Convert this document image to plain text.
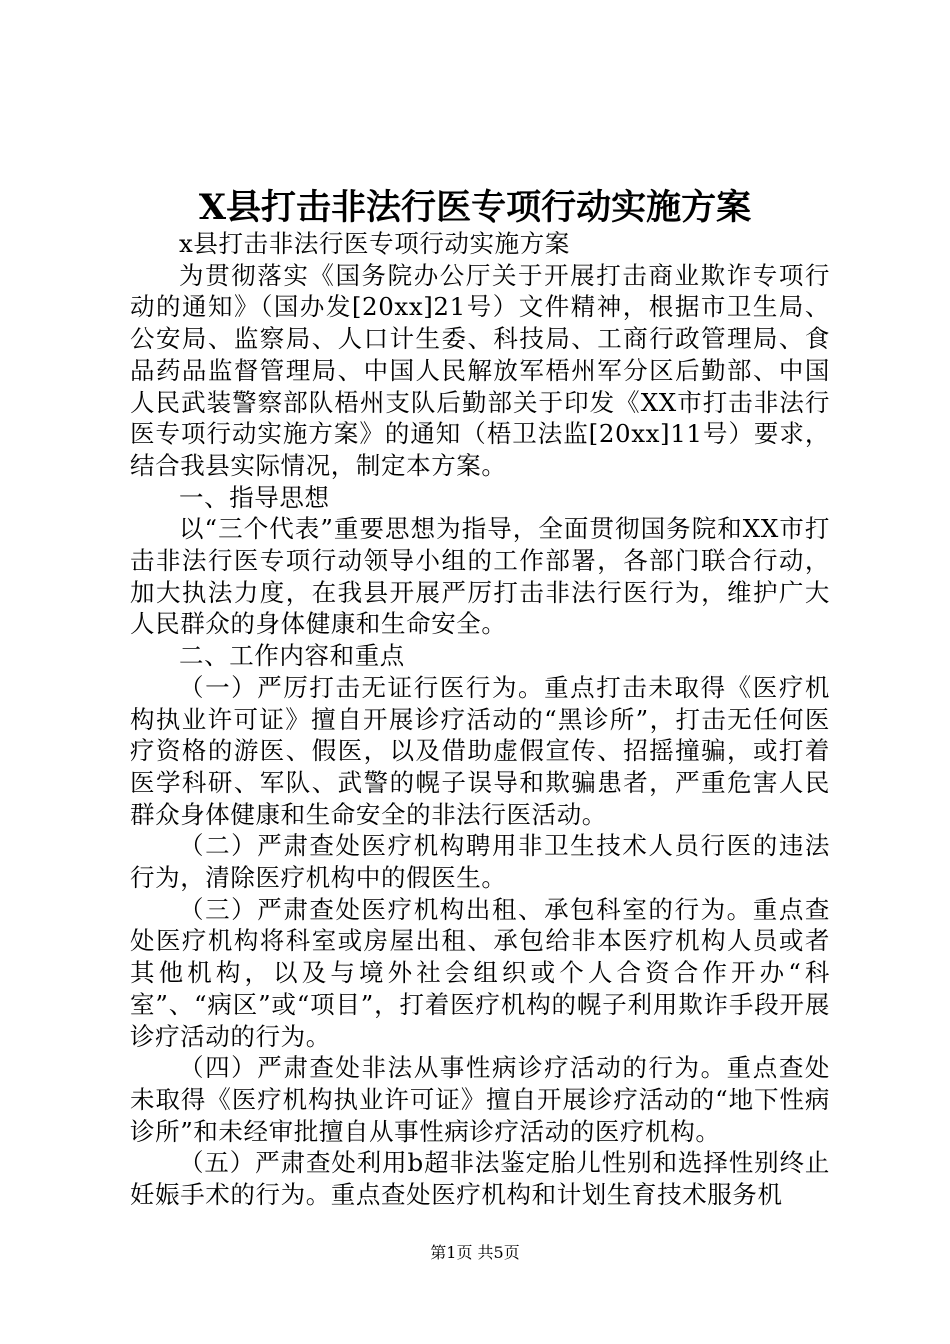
X县打击非法行医专项行动实施方案

x县打击非法行医专项行动实施方案

为贯彻落实《国务院办公厅关于开展打击商业欺诈专项行动的通知》（国办发[20xx]21号）文件精神，根据市卫生局、公安局、监察局、人口计生委、科技局、工商行政管理局、食品药品监督管理局、中国人民解放军梧州军分区后勤部、中国人民武装警察部队梧州支队后勤部关于印发《XX市打击非法行医专项行动实施方案》的通知（梧卫法监[20xx]11号）要求，结合我县实际情况，制定本方案。

一、指导思想

以“三个代表”重要思想为指导，全面贯彻国务院和XX市打击非法行医专项行动领导小组的工作部署，各部门联合行动，加大执法力度，在我县开展严厉打击非法行医行为，维护广大人民群众的身体健康和生命安全。

二、工作内容和重点

（一）严厉打击无证行医行为。重点打击未取得《医疗机构执业许可证》擅自开展诊疗活动的“黑诊所”，打击无任何医疗资格的游医、假医，以及借助虚假宣传、招摇撞骗，或打着医学科研、军队、武警的幌子误导和欺骗患者，严重危害人民群众身体健康和生命安全的非法行医活动。

（二）严肃查处医疗机构聘用非卫生技术人员行医的违法行为，清除医疗机构中的假医生。

（三）严肃查处医疗机构出租、承包科室的行为。重点查处医疗机构将科室或房屋出租、承包给非本医疗机构人员或者其他机构，以及与境外社会组织或个人合资合作开办“科室”、“病区”或“项目”，打着医疗机构的幌子利用欺诈手段开展诊疗活动的行为。

（四）严肃查处非法从事性病诊疗活动的行为。重点查处未取得《医疗机构执业许可证》擅自开展诊疗活动的“地下性病诊所”和未经审批擅自从事性病诊疗活动的医疗机构。

（五）严肃查处利用b超非法鉴定胎儿性别和选择性别终止妊娠手术的行为。重点查处医疗机构和计划生育技术服务机

第1页 共5页
